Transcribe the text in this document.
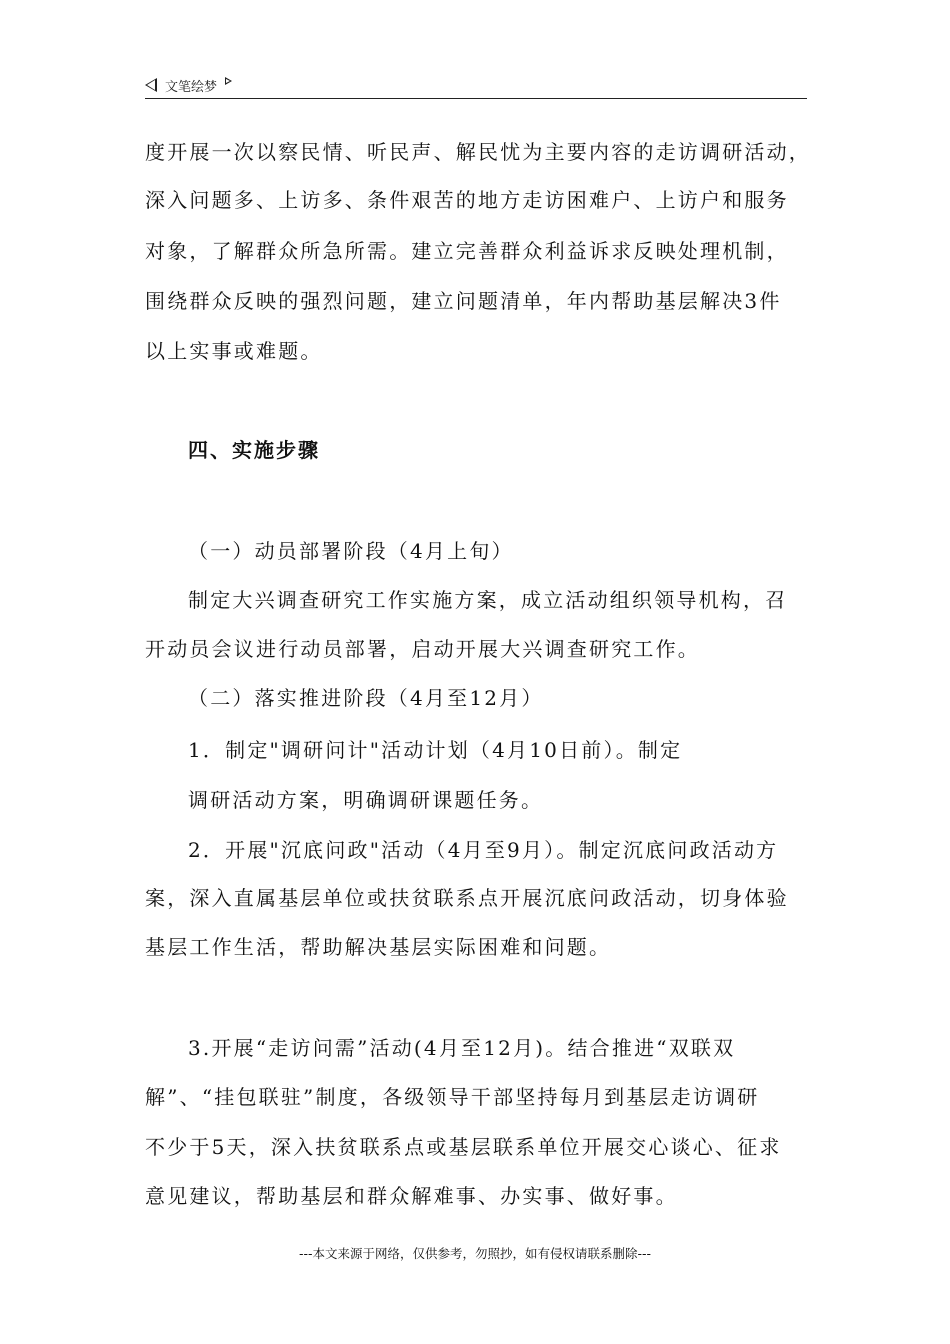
文笔绘梦
度开展一次以察民情、听民声、解民忧为主要内容的走访调研活动，
深入问题多、上访多、条件艰苦的地方走访困难户、上访户和服务
对象，了解群众所急所需。建立完善群众利益诉求反映处理机制，
围绕群众反映的强烈问题，建立问题清单，年内帮助基层解决3件
以上实事或难题。
四、实施步骤
（一）动员部署阶段（4月上旬）
制定大兴调查研究工作实施方案，成立活动组织领导机构，召
开动员会议进行动员部署，启动开展大兴调查研究工作。
（二）落实推进阶段（4月至12月）
1．制定"调研问计"活动计划（4月10日前）。制定
调研活动方案，明确调研课题任务。
2．开展"沉底问政"活动（4月至9月）。制定沉底问政活动方
案，深入直属基层单位或扶贫联系点开展沉底问政活动，切身体验
基层工作生活，帮助解决基层实际困难和问题。
3.开展“走访问需”活动(4月至12月)。结合推进“双联双
解”、“挂包联驻”制度，各级领导干部坚持每月到基层走访调研
不少于5天，深入扶贫联系点或基层联系单位开展交心谈心、征求
意见建议，帮助基层和群众解难事、办实事、做好事。
---本文来源于网络，仅供参考，勿照抄，如有侵权请联系删除---
